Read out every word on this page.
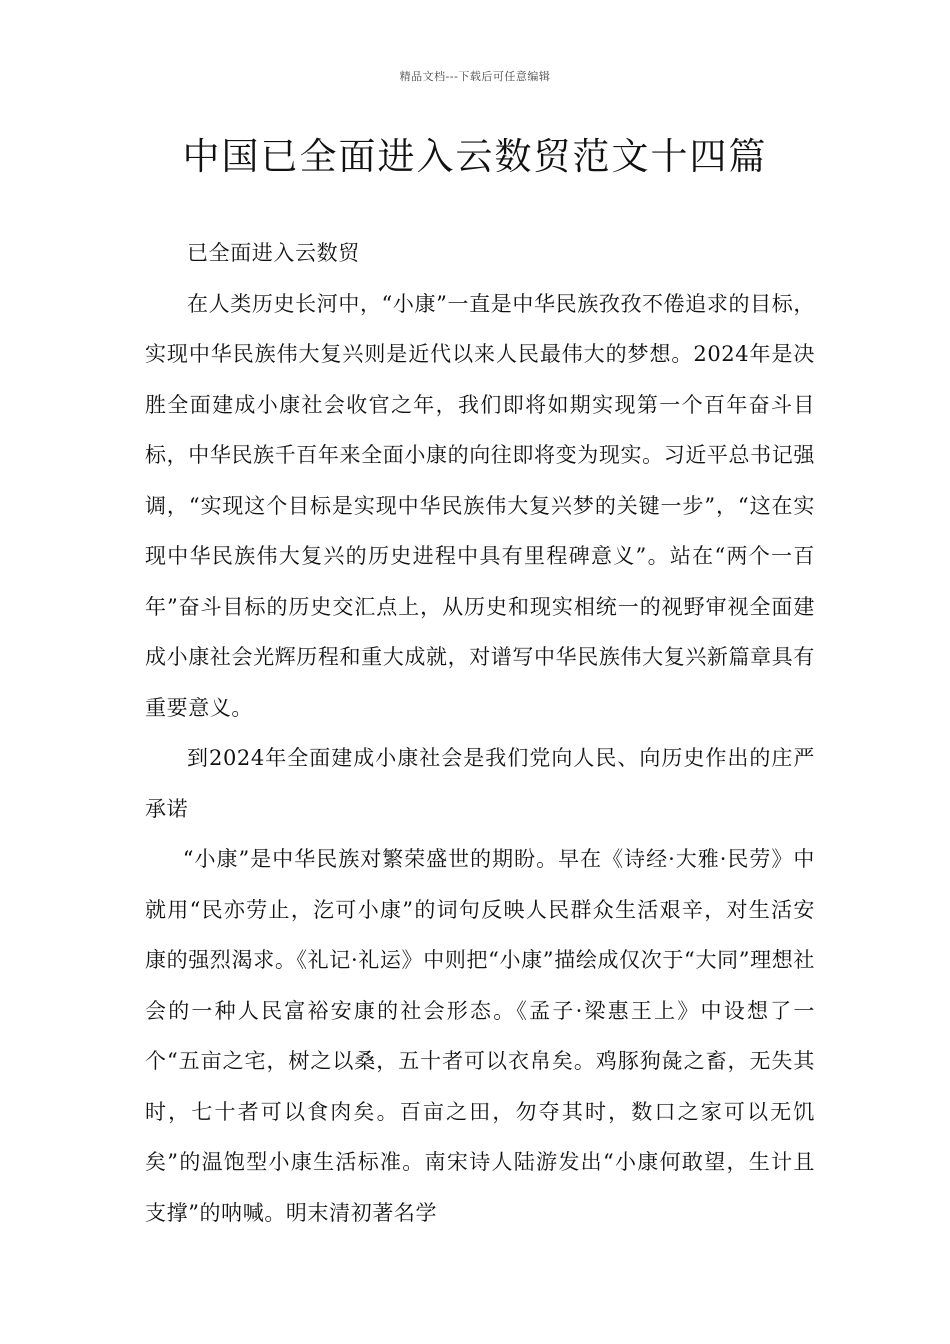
精品文档---下载后可任意编辑
中国已全面进入云数贸范文十四篇

已全面进入云数贸

在人类历史长河中，“小康”一直是中华民族孜孜不倦追求的目标，实现中华民族伟大复兴则是近代以来人民最伟大的梦想。2024年是决胜全面建成小康社会收官之年，我们即将如期实现第一个百年奋斗目标，中华民族千百年来全面小康的向往即将变为现实。习近平总书记强调，“实现这个目标是实现中华民族伟大复兴梦的关键一步”，“这在实现中华民族伟大复兴的历史进程中具有里程碑意义”。站在“两个一百年”奋斗目标的历史交汇点上，从历史和现实相统一的视野审视全面建成小康社会光辉历程和重大成就，对谱写中华民族伟大复兴新篇章具有重要意义。

到2024年全面建成小康社会是我们党向人民、向历史作出的庄严承诺

“小康”是中华民族对繁荣盛世的期盼。早在《诗经·大雅·民劳》中就用“民亦劳止，汔可小康”的词句反映人民群众生活艰辛，对生活安康的强烈渴求。《礼记·礼运》中则把“小康”描绘成仅次于“大同”理想社会的一种人民富裕安康的社会形态。《孟子·梁惠王上》中设想了一个“五亩之宅，树之以桑，五十者可以衣帛矣。鸡豚狗彘之畜，无失其时，七十者可以食肉矣。百亩之田，勿夺其时，数口之家可以无饥矣”的温饱型小康生活标准。南宋诗人陆游发出“小康何敢望，生计且支撑”的呐喊。明末清初著名学
